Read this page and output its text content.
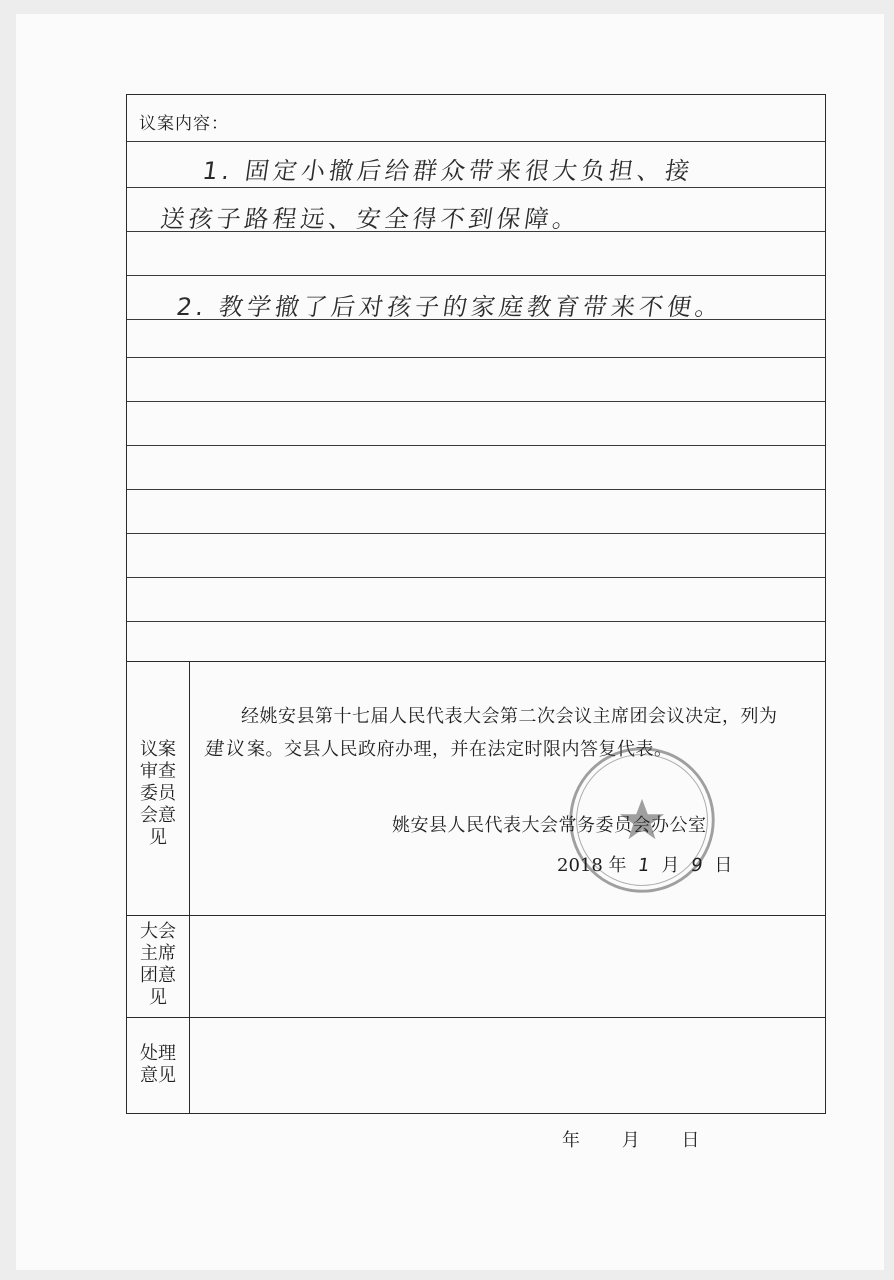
议案内容：
1. 固定小撤后给群众带来很大负担、接
送孩子路程远、安全得不到保障。
2. 教学撤了后对孩子的家庭教育带来不便。
议案
审查
委员
会意
见
经姚安县第十七届人民代表大会第二次会议主席团会议决定，列为建议案。交县人民政府办理，并在法定时限内答复代表。
姚安县人民代表大会常务委员会办公室
2018 年 1 月 9 日
大会
主席
团意
见
处理
意见
年 月 日
